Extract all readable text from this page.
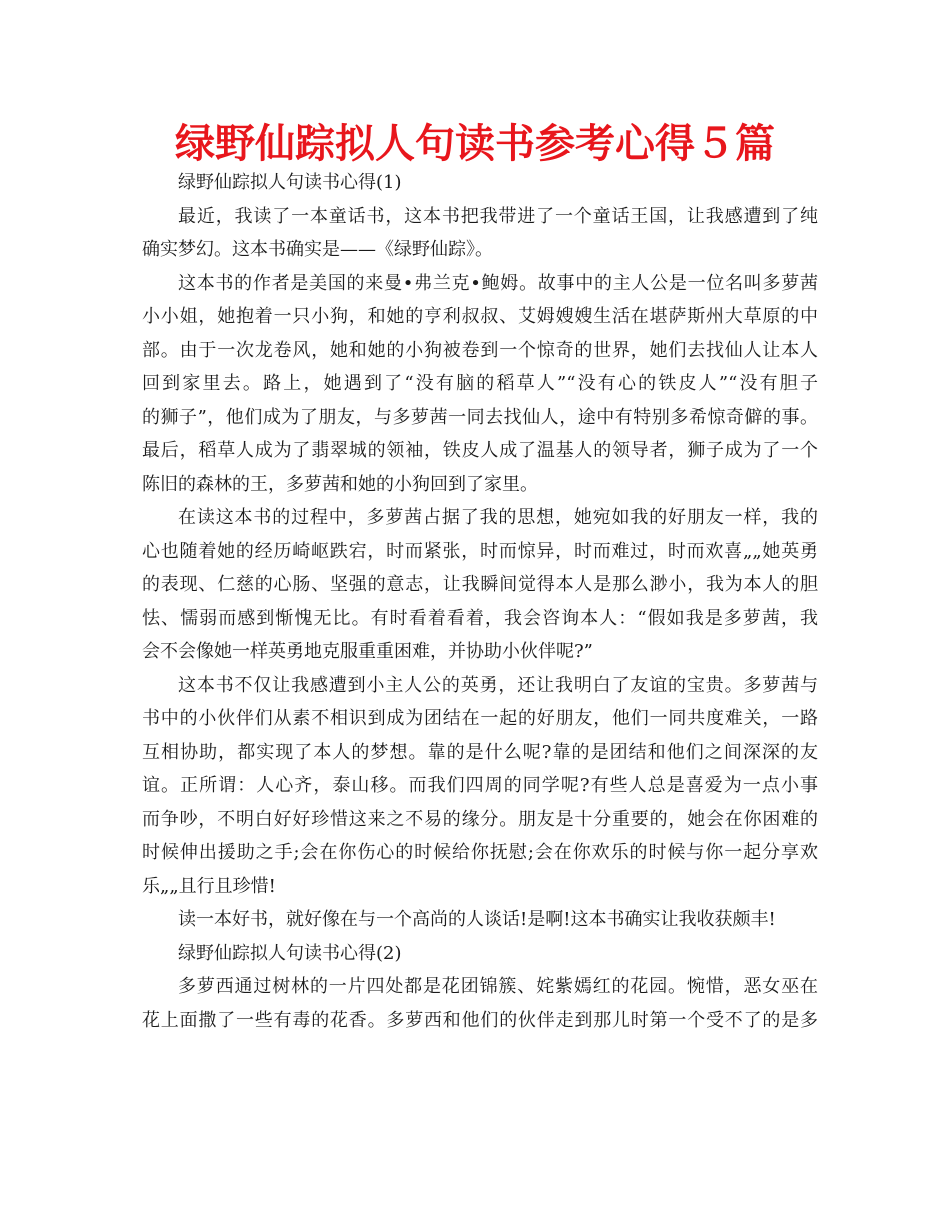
绿野仙踪拟人句读书参考心得５篇
绿野仙踪拟人句读书心得(1)
最近，我读了一本童话书，这本书把我带进了一个童话王国，让我感遭到了纯
确实梦幻。这本书确实是——《绿野仙踪》。
这本书的作者是美国的来曼•弗兰克•鲍姆。故事中的主人公是一位名叫多萝茜
小小姐，她抱着一只小狗，和她的亨利叔叔、艾姆嫂嫂生活在堪萨斯州大草原的中
部。由于一次龙卷风，她和她的小狗被卷到一个惊奇的世界，她们去找仙人让本人
回到家里去。路上，她遇到了“没有脑的稻草人”“没有心的铁皮人”“没有胆子
的狮子”，他们成为了朋友，与多萝茜一同去找仙人，途中有特别多希惊奇僻的事。
最后，稻草人成为了翡翠城的领袖，铁皮人成了温基人的领导者，狮子成为了一个
陈旧的森林的王，多萝茜和她的小狗回到了家里。
在读这本书的过程中，多萝茜占据了我的思想，她宛如我的好朋友一样，我的
心也随着她的经历崎岖跌宕，时而紧张，时而惊异，时而难过，时而欢喜„„她英勇
的表现、仁慈的心肠、坚强的意志，让我瞬间觉得本人是那么渺小，我为本人的胆
怯、懦弱而感到惭愧无比。有时看着看着，我会咨询本人：“假如我是多萝茜，我
会不会像她一样英勇地克服重重困难，并协助小伙伴呢?”
这本书不仅让我感遭到小主人公的英勇，还让我明白了友谊的宝贵。多萝茜与
书中的小伙伴们从素不相识到成为团结在一起的好朋友，他们一同共度难关，一路
互相协助，都实现了本人的梦想。靠的是什么呢?靠的是团结和他们之间深深的友
谊。正所谓：人心齐，泰山移。而我们四周的同学呢?有些人总是喜爱为一点小事
而争吵，不明白好好珍惜这来之不易的缘分。朋友是十分重要的，她会在你困难的
时候伸出援助之手;会在你伤心的时候给你抚慰;会在你欢乐的时候与你一起分享欢
乐„„且行且珍惜!
读一本好书，就好像在与一个高尚的人谈话!是啊!这本书确实让我收获颇丰!
绿野仙踪拟人句读书心得(2)
多萝西通过树林的一片四处都是花团锦簇、姹紫嫣红的花园。惋惜，恶女巫在
花上面撒了一些有毒的花香。多萝西和他们的伙伴走到那儿时第一个受不了的是多
